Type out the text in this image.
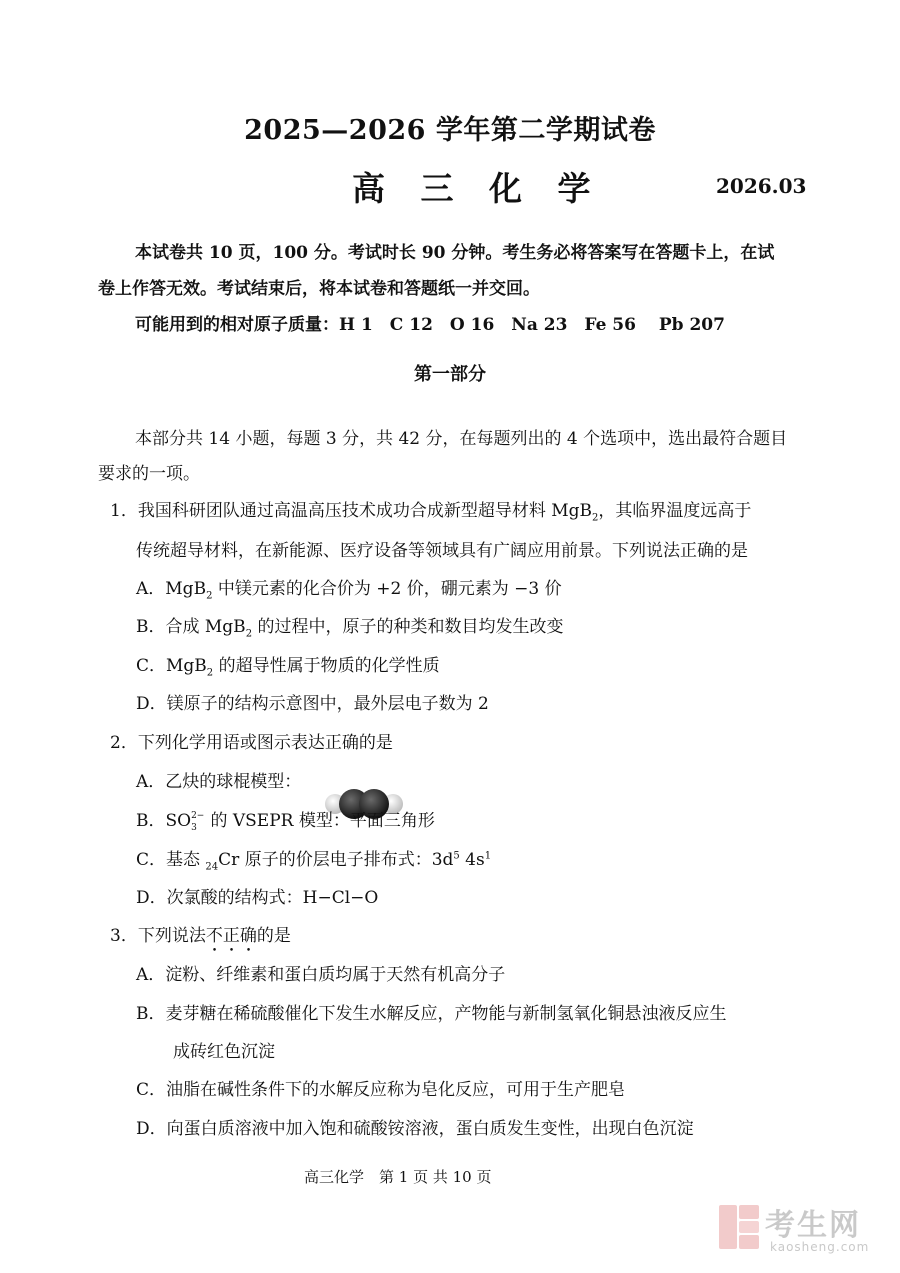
2025—2026 学年第二学期试卷
高 三 化 学	2026.03
本试卷共 10 页，100 分。考试时长 90 分钟。考生务必将答案写在答题卡上，在试
卷上作答无效。考试结束后，将本试卷和答题纸一并交回。
可能用到的相对原子质量：H 1　C 12　O 16　Na 23　Fe 56　 Pb 207
第一部分
本部分共 14 小题，每题 3 分，共 42 分，在每题列出的 4 个选项中，选出最符合题目
要求的一项。
1．我国科研团队通过高温高压技术成功合成新型超导材料 MgB$_2$，其临界温度远高于
传统超导材料，在新能源、医疗设备等领域具有广阔应用前景。下列说法正确的是
A．MgB$_2$ 中镁元素的化合价为 +2 价，硼元素为 −3 价
B．合成 MgB$_2$ 的过程中，原子的种类和数目均发生改变
C．MgB$_2$ 的超导性属于物质的化学性质
D．镁原子的结构示意图中，最外层电子数为 2
2．下列化学用语或图示表达正确的是
A．乙炔的球棍模型：
B．SO 2−
3 的 VSEPR 模型：平面三角形
C．基态 $_{24}$Cr 原子的价层电子排布式：$3d^5$ $4s^1$
D．次氯酸的结构式：H−Cl−O
3．下列说法不正确的是
A．淀粉、纤维素和蛋白质均属于天然有机高分子
B．麦芽糖在稀硫酸催化下发生水解反应，产物能与新制氢氧化铜悬浊液反应生
成砖红色沉淀
C．油脂在碱性条件下的水解反应称为皂化反应，可用于生产肥皂
D．向蛋白质溶液中加入饱和硫酸铵溶液，蛋白质发生变性，出现白色沉淀
高三化学　第 1 页 共 10 页
考生网
kaosheng.com
